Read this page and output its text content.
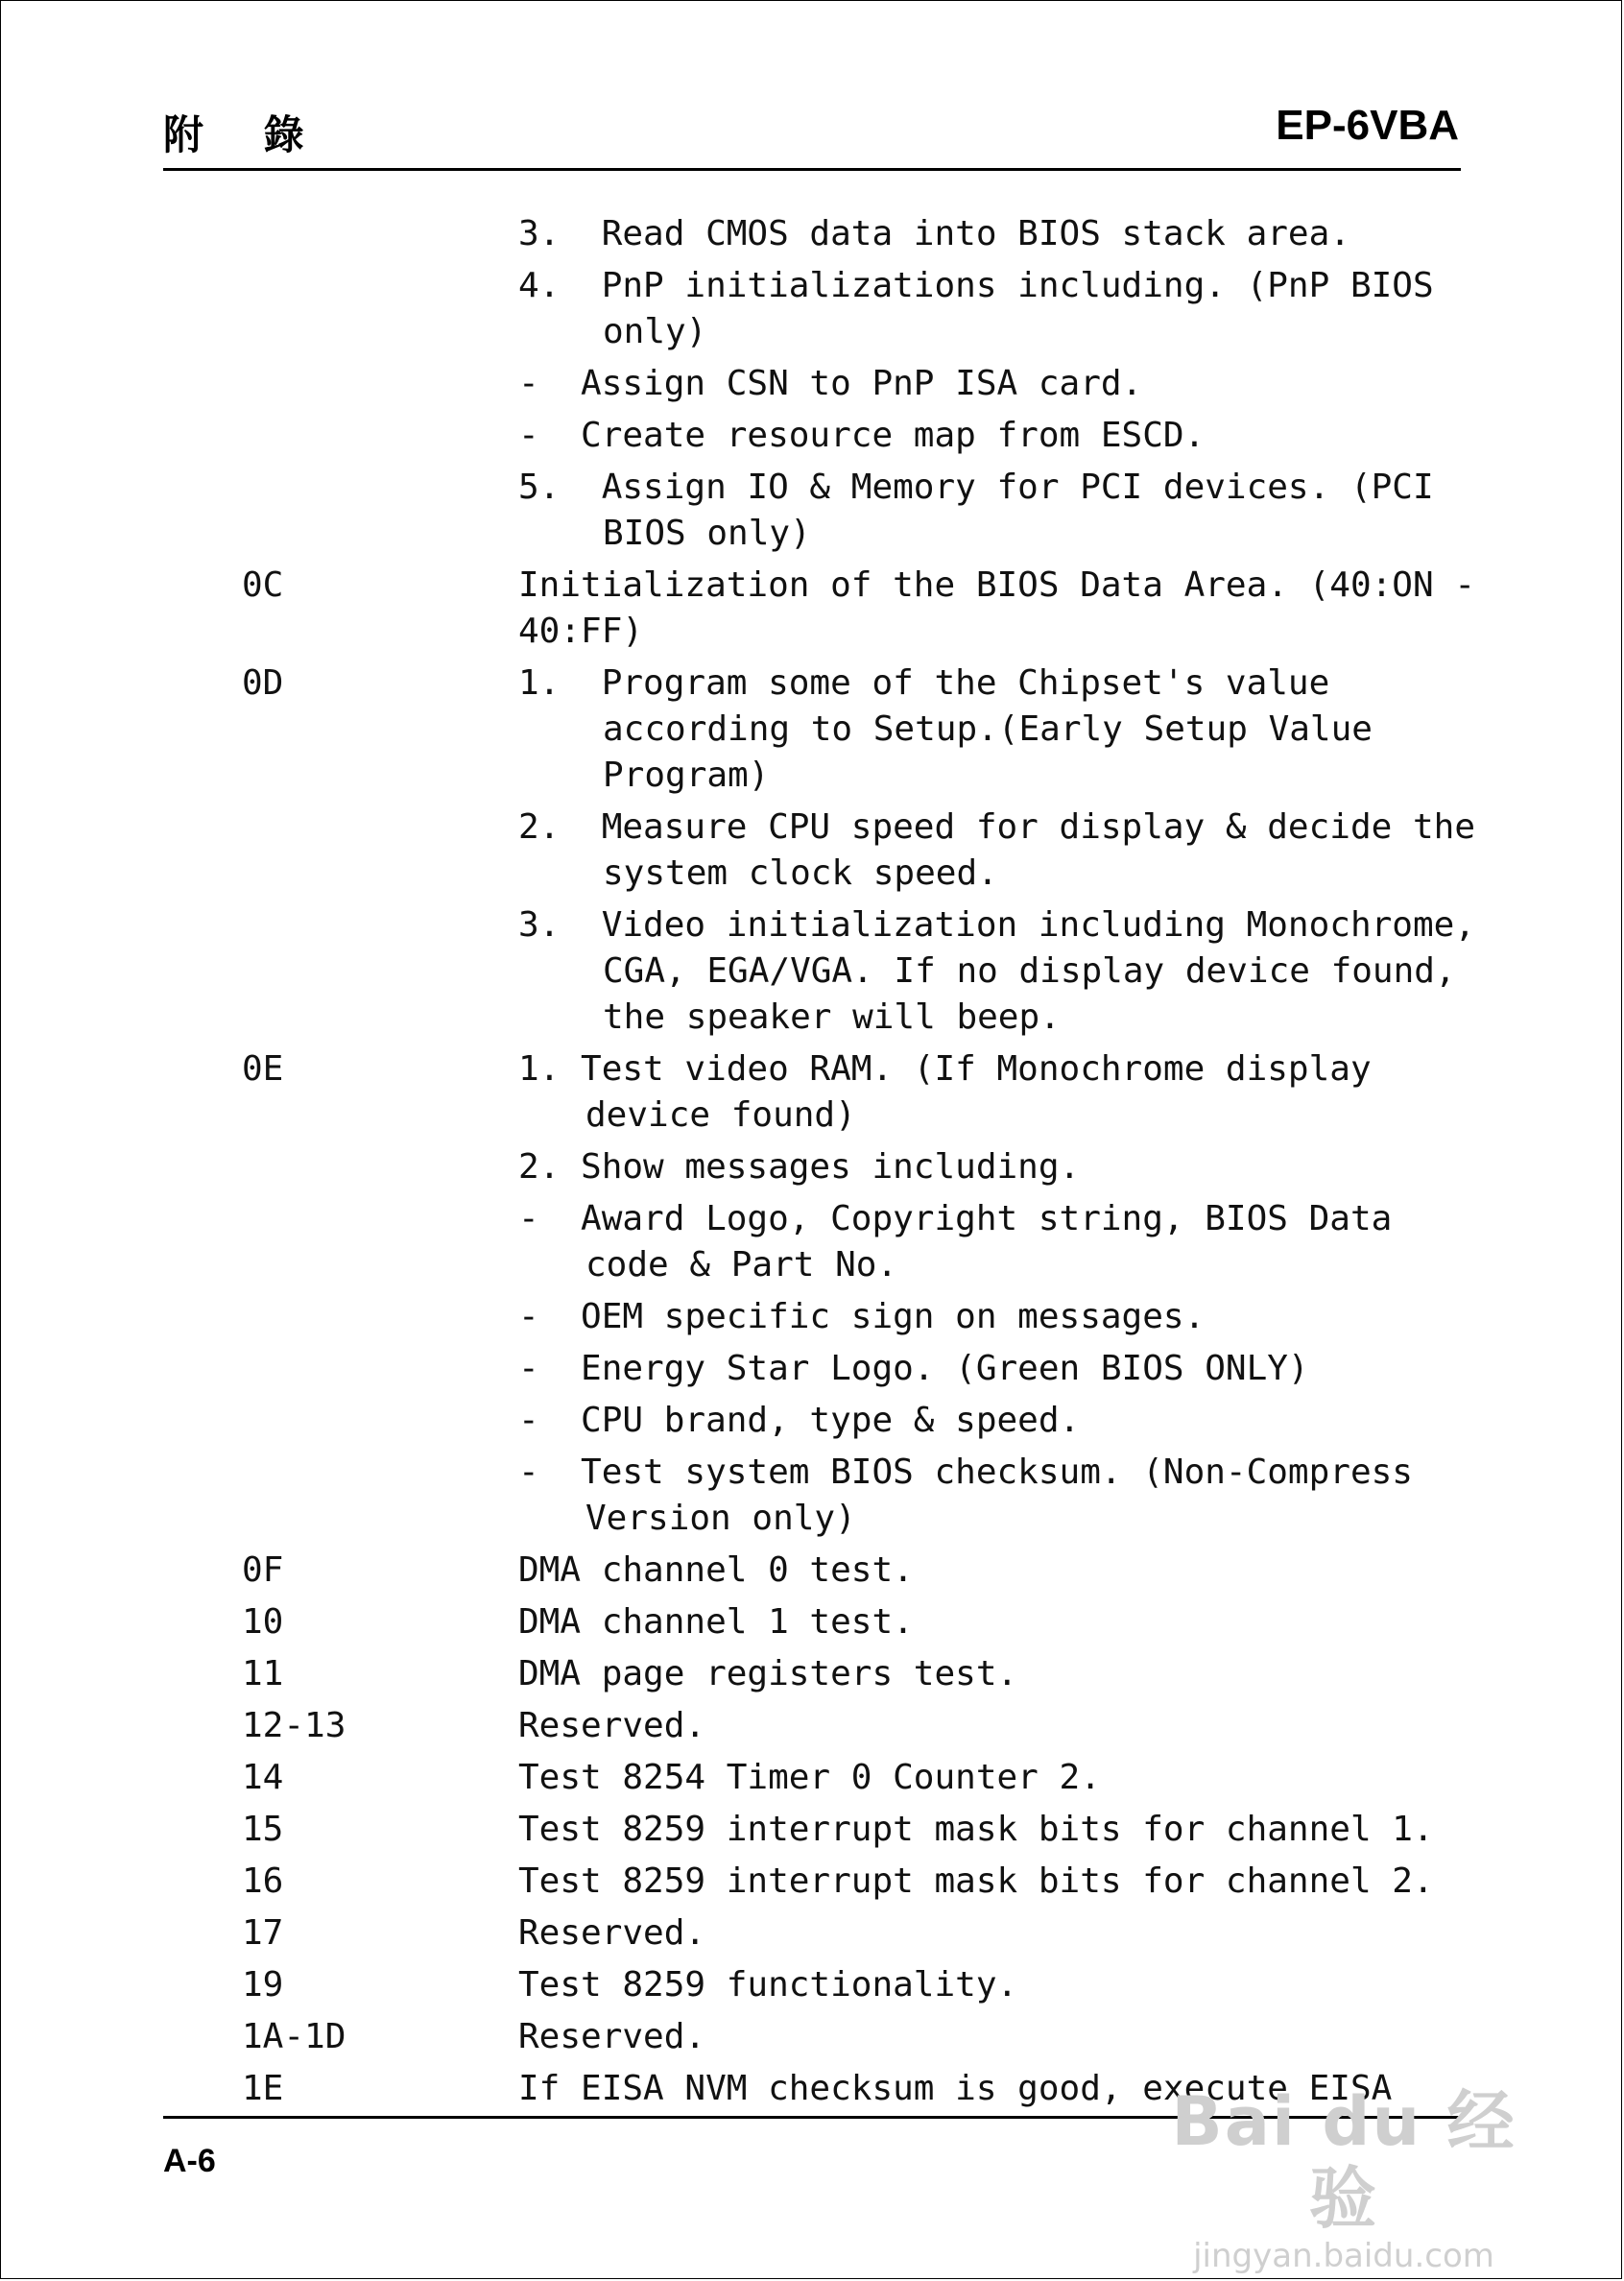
附 錄	EP-6VBA
3.  Read CMOS data into BIOS stack area.
4.  PnP initializations including. (PnP BIOS only)
-  Assign CSN to PnP ISA card.
-  Create resource map from ESCD.
5.  Assign IO & Memory for PCI devices. (PCI BIOS only)
0C	Initialization of the BIOS Data Area. (40:ON - 40:FF)
0D	1.  Program some of the Chipset's value according to Setup.(Early Setup Value Program)
2.  Measure CPU speed for display & decide the system clock speed.
3.  Video initialization including Monochrome, CGA, EGA/VGA. If no display device found, the speaker will beep.
0E	1. Test video RAM. (If Monochrome display device found)
2. Show messages including.
-  Award Logo, Copyright string, BIOS Data code & Part No.
-  OEM specific sign on messages.
-  Energy Star Logo. (Green BIOS ONLY)
-  CPU brand, type & speed.
-  Test system BIOS checksum. (Non-Compress Version only)
0F	DMA channel 0 test.
10	DMA channel 1 test.
11	DMA page registers test.
12-13	Reserved.
14	Test 8254 Timer 0 Counter 2.
15	Test 8259 interrupt mask bits for channel 1.
16	Test 8259 interrupt mask bits for channel 2.
17	Reserved.
19	Test 8259 functionality.
1A-1D	Reserved.
1E	If EISA NVM checksum is good, execute EISA
A-6	Bai du 经验
jingyan.baidu.com
